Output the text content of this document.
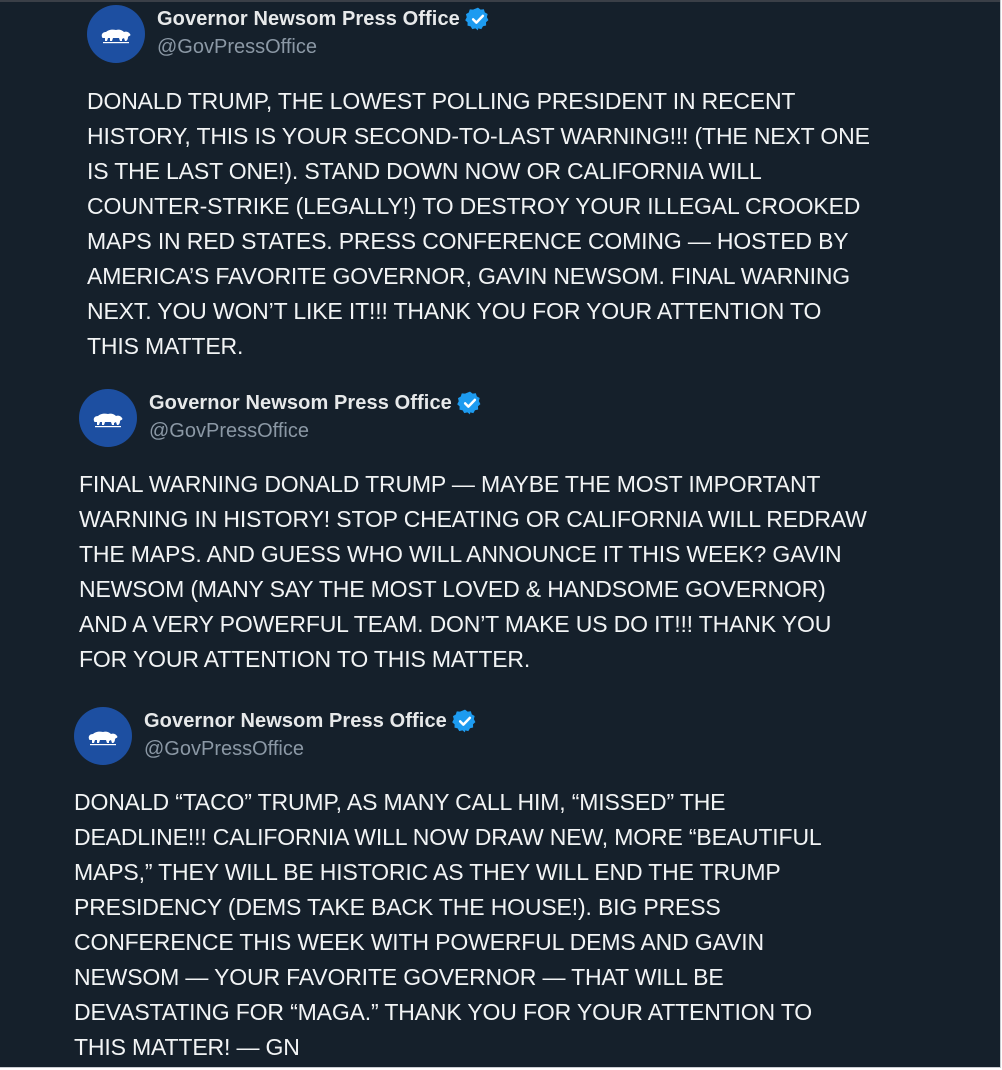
Governor Newsom Press Office
@GovPressOffice
DONALD TRUMP, THE LOWEST POLLING PRESIDENT IN RECENT
HISTORY, THIS IS YOUR SECOND-TO-LAST WARNING!!! (THE NEXT ONE
IS THE LAST ONE!). STAND DOWN NOW OR CALIFORNIA WILL
COUNTER-STRIKE (LEGALLY!) TO DESTROY YOUR ILLEGAL CROOKED
MAPS IN RED STATES. PRESS CONFERENCE COMING — HOSTED BY
AMERICA’S FAVORITE GOVERNOR, GAVIN NEWSOM. FINAL WARNING
NEXT. YOU WON’T LIKE IT!!! THANK YOU FOR YOUR ATTENTION TO
THIS MATTER.
Governor Newsom Press Office
@GovPressOffice
FINAL WARNING DONALD TRUMP — MAYBE THE MOST IMPORTANT
WARNING IN HISTORY! STOP CHEATING OR CALIFORNIA WILL REDRAW
THE MAPS. AND GUESS WHO WILL ANNOUNCE IT THIS WEEK? GAVIN
NEWSOM (MANY SAY THE MOST LOVED & HANDSOME GOVERNOR)
AND A VERY POWERFUL TEAM. DON’T MAKE US DO IT!!! THANK YOU
FOR YOUR ATTENTION TO THIS MATTER.
Governor Newsom Press Office
@GovPressOffice
DONALD “TACO” TRUMP, AS MANY CALL HIM, “MISSED” THE
DEADLINE!!! CALIFORNIA WILL NOW DRAW NEW, MORE “BEAUTIFUL
MAPS,” THEY WILL BE HISTORIC AS THEY WILL END THE TRUMP
PRESIDENCY (DEMS TAKE BACK THE HOUSE!). BIG PRESS
CONFERENCE THIS WEEK WITH POWERFUL DEMS AND GAVIN
NEWSOM — YOUR FAVORITE GOVERNOR — THAT WILL BE
DEVASTATING FOR “MAGA.” THANK YOU FOR YOUR ATTENTION TO
THIS MATTER! — GN
